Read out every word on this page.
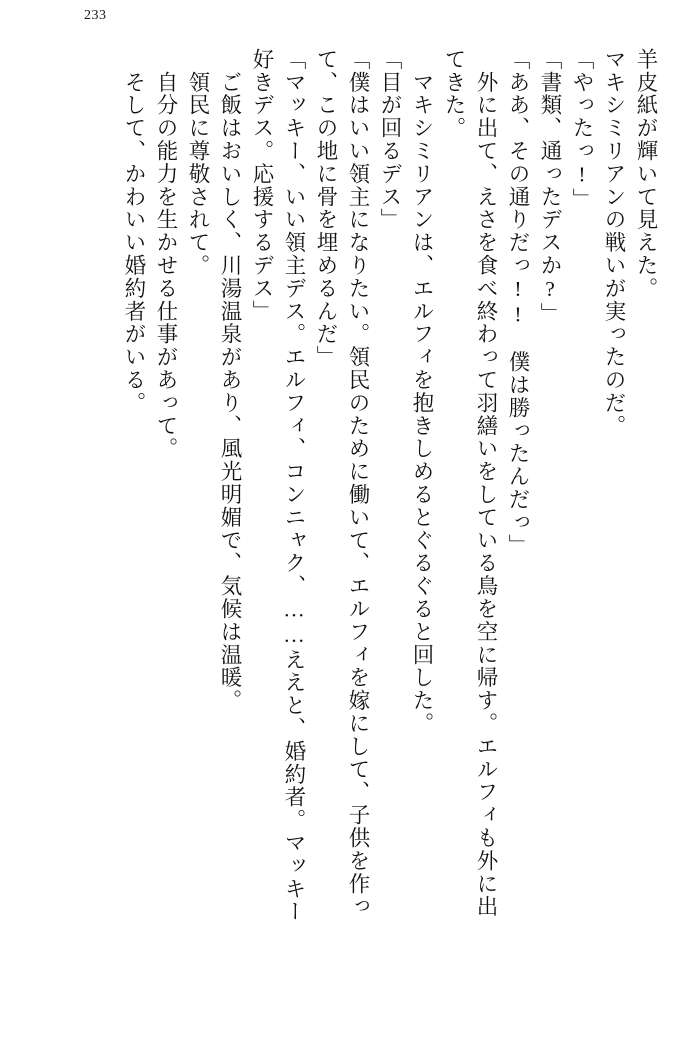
233
羊皮紙が輝いて見えた。
マキシミリアンの戦いが実ったのだ。
「やったっ!」
「書類、通ったデスか?」
「ああ、その通りだっ!!　僕は勝ったんだっ」
　外に出て、えさを食べ終わって羽繕いをしている鳥を空に帰す。エルフィも外に出
てきた。
　マキシミリアンは、エルフィを抱きしめるとぐるぐると回した。
「目が回るデス」
「僕はいい領主になりたい。領民のために働いて、エルフィを嫁にして、子供を作っ
て、この地に骨を埋めるんだ」
「マッキー、いい領主デス。エルフィ、コンニャク、……ええと、婚約者。マッキー
好きデス。応援するデス」
　ご飯はおいしく、川湯温泉があり、風光明媚で、気候は温暖。
　領民に尊敬されて。
　自分の能力を生かせる仕事があって。
　そして、かわいい婚約者がいる。
